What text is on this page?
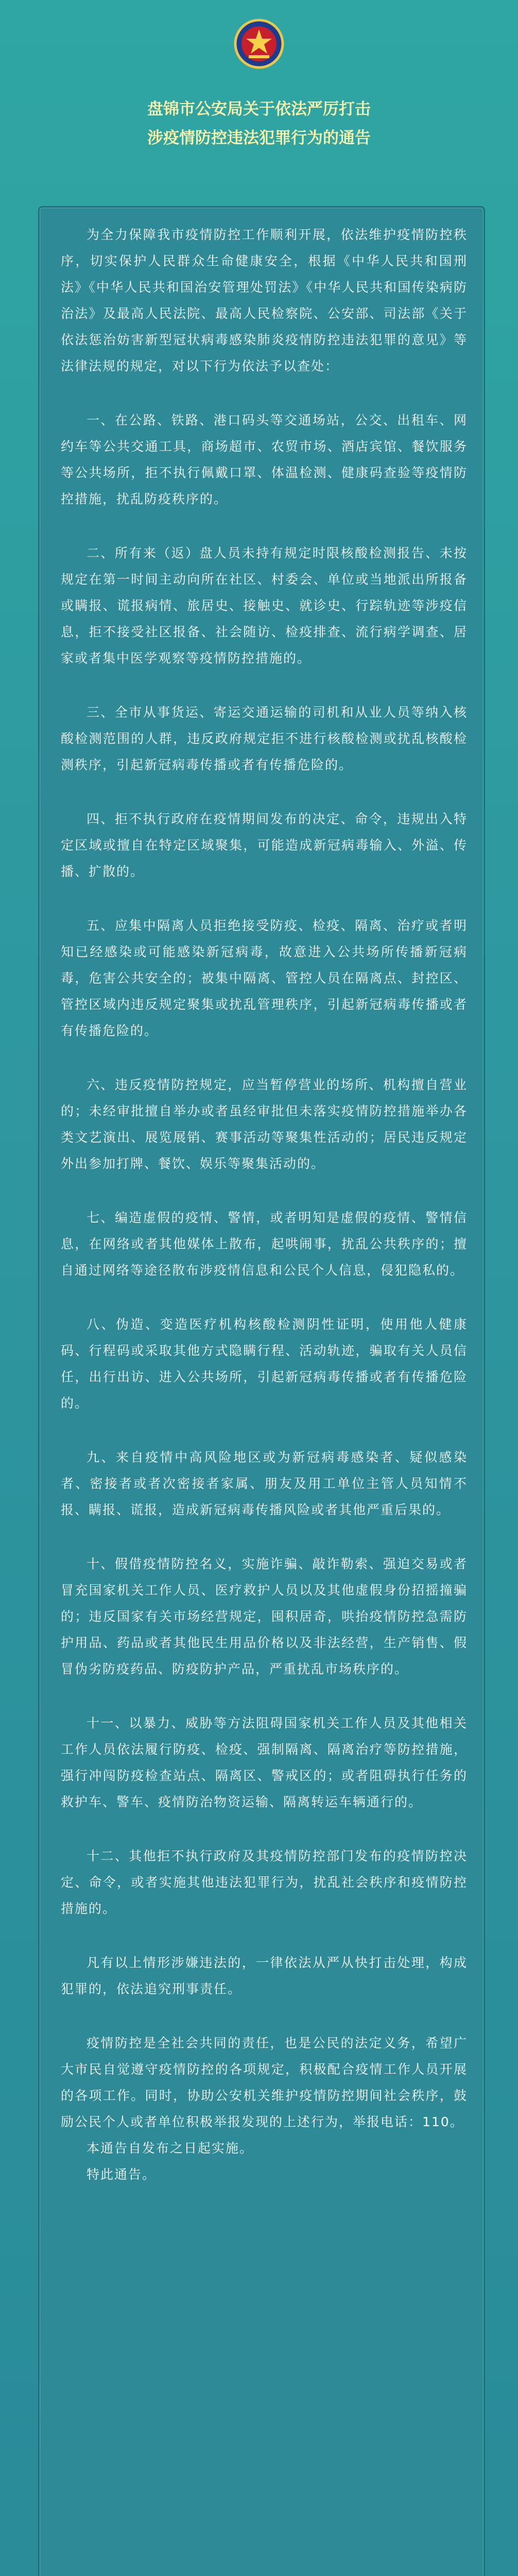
盘锦市公安局关于依法严厉打击
涉疫情防控违法犯罪行为的通告

为全力保障我市疫情防控工作顺利开展，依法维护疫情防控秩序，切实保护人民群众生命健康安全，根据《中华人民共和国刑法》《中华人民共和国治安管理处罚法》《中华人民共和国传染病防治法》及最高人民法院、最高人民检察院、公安部、司法部《关于依法惩治妨害新型冠状病毒感染肺炎疫情防控违法犯罪的意见》等法律法规的规定，对以下行为依法予以查处：

一、在公路、铁路、港口码头等交通场站，公交、出租车、网约车等公共交通工具，商场超市、农贸市场、酒店宾馆、餐饮服务等公共场所，拒不执行佩戴口罩、体温检测、健康码查验等疫情防控措施，扰乱防疫秩序的。

二、所有来（返）盘人员未持有规定时限核酸检测报告、未按规定在第一时间主动向所在社区、村委会、单位或当地派出所报备或瞒报、谎报病情、旅居史、接触史、就诊史、行踪轨迹等涉疫信息，拒不接受社区报备、社会随访、检疫排查、流行病学调查、居家或者集中医学观察等疫情防控措施的。

三、全市从事货运、寄运交通运输的司机和从业人员等纳入核酸检测范围的人群，违反政府规定拒不进行核酸检测或扰乱核酸检测秩序，引起新冠病毒传播或者有传播危险的。

四、拒不执行政府在疫情期间发布的决定、命令，违规出入特定区域或擅自在特定区域聚集，可能造成新冠病毒输入、外溢、传播、扩散的。

五、应集中隔离人员拒绝接受防疫、检疫、隔离、治疗或者明知已经感染或可能感染新冠病毒，故意进入公共场所传播新冠病毒，危害公共安全的；被集中隔离、管控人员在隔离点、封控区、管控区域内违反规定聚集或扰乱管理秩序，引起新冠病毒传播或者有传播危险的。

六、违反疫情防控规定，应当暂停营业的场所、机构擅自营业的；未经审批擅自举办或者虽经审批但未落实疫情防控措施举办各类文艺演出、展览展销、赛事活动等聚集性活动的；居民违反规定外出参加打牌、餐饮、娱乐等聚集活动的。

七、编造虚假的疫情、警情，或者明知是虚假的疫情、警情信息，在网络或者其他媒体上散布，起哄闹事，扰乱公共秩序的；擅自通过网络等途径散布涉疫情信息和公民个人信息，侵犯隐私的。

八、伪造、变造医疗机构核酸检测阴性证明，使用他人健康码、行程码或采取其他方式隐瞒行程、活动轨迹，骗取有关人员信任，出行出访、进入公共场所，引起新冠病毒传播或者有传播危险的。

九、来自疫情中高风险地区或为新冠病毒感染者、疑似感染者、密接者或者次密接者家属、朋友及用工单位主管人员知情不报、瞒报、谎报，造成新冠病毒传播风险或者其他严重后果的。

十、假借疫情防控名义，实施诈骗、敲诈勒索、强迫交易或者冒充国家机关工作人员、医疗救护人员以及其他虚假身份招摇撞骗的；违反国家有关市场经营规定，囤积居奇，哄抬疫情防控急需防护用品、药品或者其他民生用品价格以及非法经营，生产销售、假冒伪劣防疫药品、防疫防护产品，严重扰乱市场秩序的。

十一、以暴力、威胁等方法阻碍国家机关工作人员及其他相关工作人员依法履行防疫、检疫、强制隔离、隔离治疗等防控措施，强行冲闯防疫检查站点、隔离区、警戒区的；或者阻碍执行任务的救护车、警车、疫情防治物资运输、隔离转运车辆通行的。

十二、其他拒不执行政府及其疫情防控部门发布的疫情防控决定、命令，或者实施其他违法犯罪行为，扰乱社会秩序和疫情防控措施的。

凡有以上情形涉嫌违法的，一律依法从严从快打击处理，构成犯罪的，依法追究刑事责任。

疫情防控是全社会共同的责任，也是公民的法定义务，希望广大市民自觉遵守疫情防控的各项规定，积极配合疫情工作人员开展的各项工作。同时，协助公安机关维护疫情防控期间社会秩序，鼓励公民个人或者单位积极举报发现的上述行为，举报电话：110。

本通告自发布之日起实施。

特此通告。
